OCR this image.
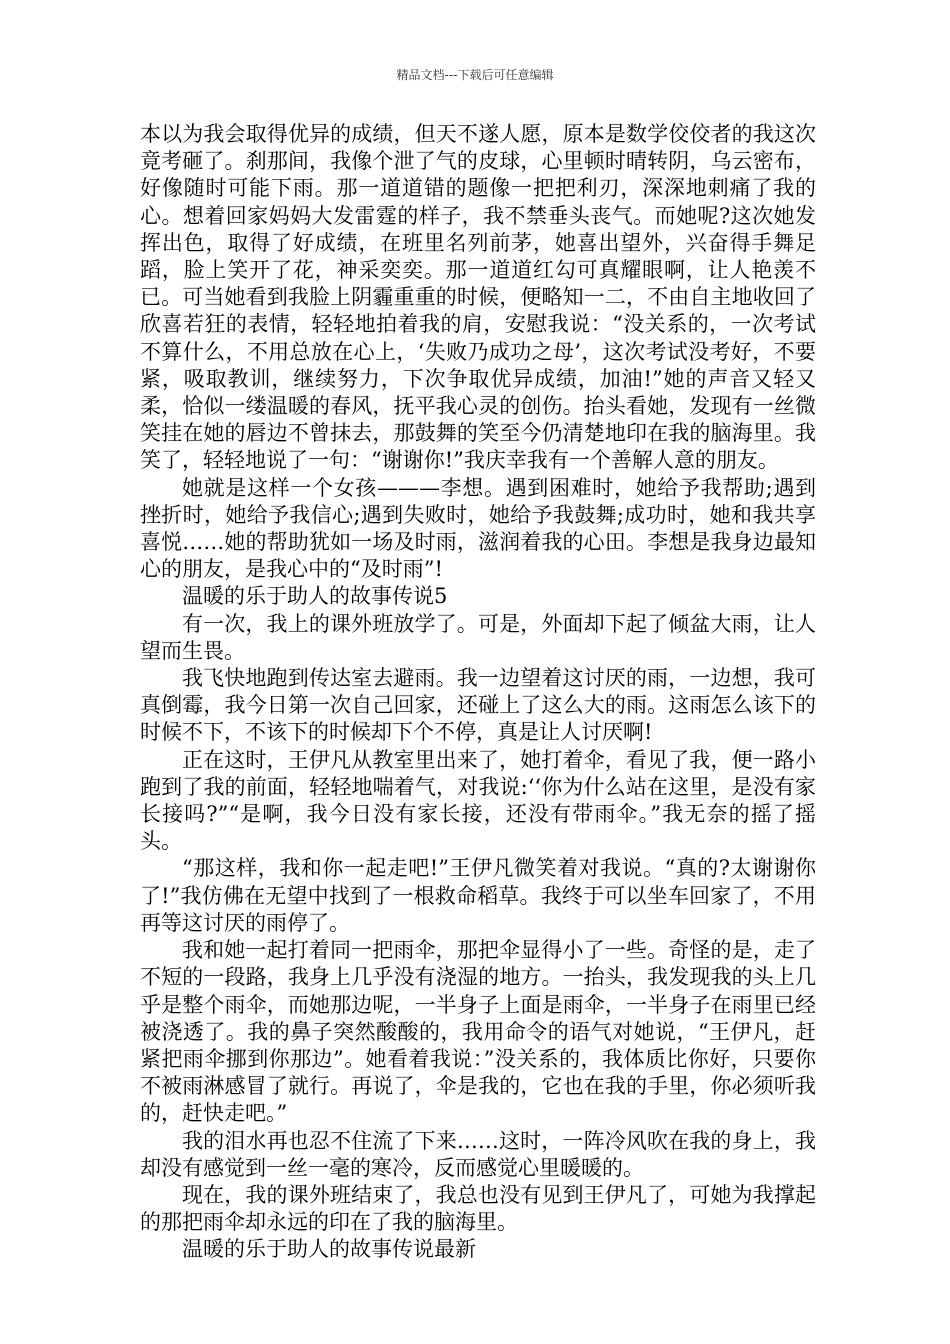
精品文档---下载后可任意编辑

本以为我会取得优异的成绩，但天不遂人愿，原本是数学佼佼者的我这次竟考砸了。刹那间，我像个泄了气的皮球，心里顿时晴转阴，乌云密布，好像随时可能下雨。那一道道错的题像一把把利刃，深深地刺痛了我的心。想着回家妈妈大发雷霆的样子，我不禁垂头丧气。而她呢?这次她发挥出色，取得了好成绩，在班里名列前茅，她喜出望外，兴奋得手舞足蹈，脸上笑开了花，神采奕奕。那一道道红勾可真耀眼啊，让人艳羡不已。可当她看到我脸上阴霾重重的时候，便略知一二，不由自主地收回了欣喜若狂的表情，轻轻地拍着我的肩，安慰我说：“没关系的，一次考试不算什么，不用总放在心上，‘失败乃成功之母’，这次考试没考好，不要紧，吸取教训，继续努力，下次争取优异成绩，加油!”她的声音又轻又柔，恰似一缕温暖的春风，抚平我心灵的创伤。抬头看她，发现有一丝微笑挂在她的唇边不曾抹去，那鼓舞的笑至今仍清楚地印在我的脑海里。我笑了，轻轻地说了一句：“谢谢你!”我庆幸我有一个善解人意的朋友。

她就是这样一个女孩———李想。遇到困难时，她给予我帮助;遇到挫折时，她给予我信心;遇到失败时，她给予我鼓舞;成功时，她和我共享喜悦……她的帮助犹如一场及时雨，滋润着我的心田。李想是我身边最知心的朋友，是我心中的“及时雨”!

温暖的乐于助人的故事传说5

有一次，我上的课外班放学了。可是，外面却下起了倾盆大雨，让人望而生畏。

我飞快地跑到传达室去避雨。我一边望着这讨厌的雨，一边想，我可真倒霉，我今日第一次自己回家，还碰上了这么大的雨。这雨怎么该下的时候不下，不该下的时候却下个不停，真是让人讨厌啊!

正在这时，王伊凡从教室里出来了，她打着伞，看见了我，便一路小跑到了我的前面，轻轻地喘着气，对我说:‘‘你为什么站在这里，是没有家长接吗?”“是啊，我今日没有家长接，还没有带雨伞。”我无奈的摇了摇头。

“那这样，我和你一起走吧!”王伊凡微笑着对我说。“真的?太谢谢你了!”我仿佛在无望中找到了一根救命稻草。我终于可以坐车回家了，不用再等这讨厌的雨停了。

我和她一起打着同一把雨伞，那把伞显得小了一些。奇怪的是，走了不短的一段路，我身上几乎没有浇湿的地方。一抬头，我发现我的头上几乎是整个雨伞，而她那边呢，一半身子上面是雨伞，一半身子在雨里已经被浇透了。我的鼻子突然酸酸的，我用命令的语气对她说，“王伊凡，赶紧把雨伞挪到你那边”。她看着我说：”没关系的，我体质比你好，只要你不被雨淋感冒了就行。再说了，伞是我的，它也在我的手里，你必须听我的，赶快走吧。”

我的泪水再也忍不住流了下来……这时，一阵冷风吹在我的身上，我却没有感觉到一丝一毫的寒冷，反而感觉心里暖暖的。

现在，我的课外班结束了，我总也没有见到王伊凡了，可她为我撑起的那把雨伞却永远的印在了我的脑海里。

温暖的乐于助人的故事传说最新
